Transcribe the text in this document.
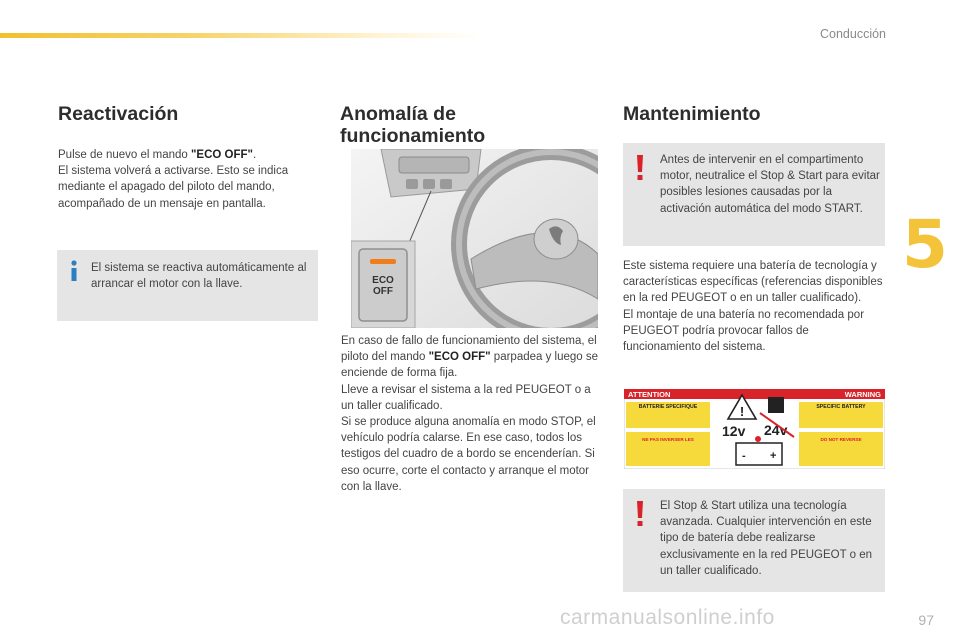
Conducción
5
Reactivación

Pulse de nuevo el mando "ECO OFF".

El sistema volverá a activarse. Esto se indica mediante el apagado del piloto del mando, acompañado de un mensaje en pantalla.

El sistema se reactiva automáticamente al arrancar el motor con la llave.
Anomalía de
funcionamiento
ECO
OFF

En caso de fallo de funcionamiento del sistema, el piloto del mando "ECO OFF" parpadea y luego se enciende de forma fija.

Lleve a revisar el sistema a la red PEUGEOT o a un taller cualificado.

Si se produce alguna anomalía en modo STOP, el vehículo podría calarse. En ese caso, todos los testigos del cuadro de a bordo se encenderían. Si eso ocurre, corte el contacto y arranque el motor con la llave.

Mantenimiento
Antes de intervenir en el compartimento motor, neutralice el Stop & Start para evitar posibles lesiones causadas por la activación automática del modo START.

Este sistema requiere una batería de tecnología y características específicas (referencias disponibles en la red PEUGEOT o en un taller cualificado).

El montaje de una batería no recomendada por PEUGEOT podría provocar fallos de funcionamiento del sistema.

ATTENTION	WARNING
BATTERIE SPECIFIQUE	SPECIFIC BATTERY
NE PAS INVERSER LES	DO NOT REVERSE
!
12v 24v
- +
El Stop & Start utiliza una tecnología avanzada. Cualquier intervención en este tipo de batería debe realizarse exclusivamente en la red PEUGEOT o en un taller cualificado.
carmanualsonline.info	97
